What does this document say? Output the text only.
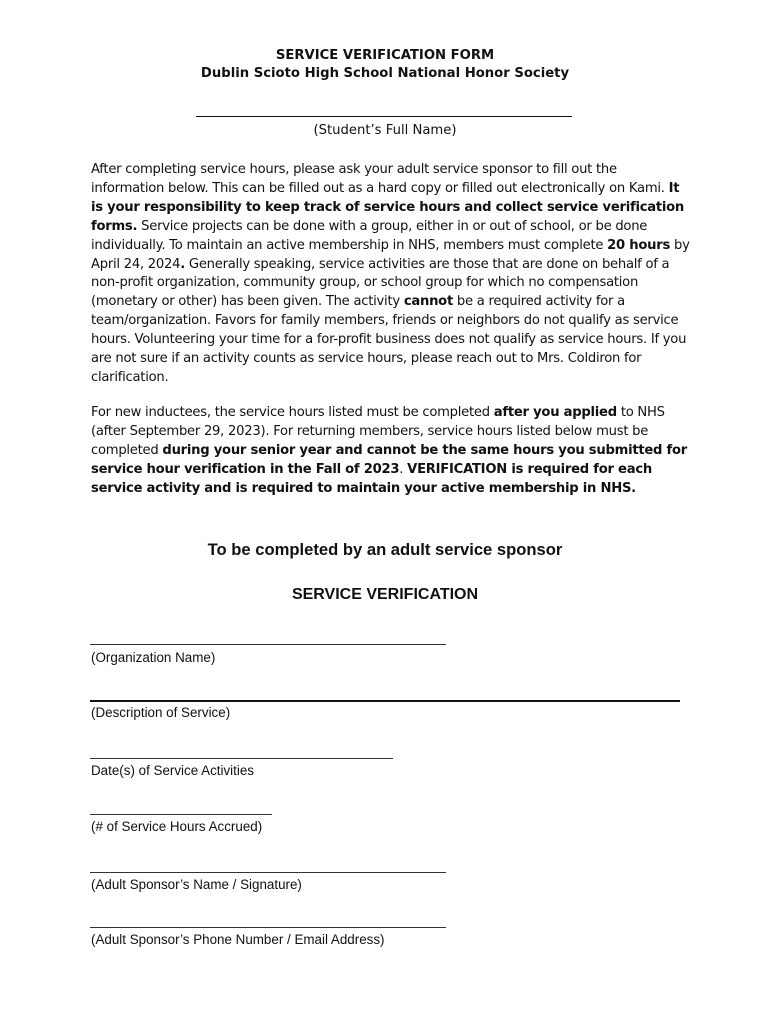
SERVICE VERIFICATION FORM
Dublin Scioto High School National Honor Society
(Student’s Full Name)
After completing service hours, please ask your adult service sponsor to fill out the information below. This can be filled out as a hard copy or filled out electronically on Kami. It is your responsibility to keep track of service hours and collect service verification forms. Service projects can be done with a group, either in or out of school, or be done individually. To maintain an active membership in NHS, members must complete 20 hours by April 24, 2024. Generally speaking, service activities are those that are done on behalf of a non-profit organization, community group, or school group for which no compensation (monetary or other) has been given. The activity cannot be a required activity for a team/organization. Favors for family members, friends or neighbors do not qualify as service hours. Volunteering your time for a for-profit business does not qualify as service hours. If you are not sure if an activity counts as service hours, please reach out to Mrs. Coldiron for clarification.
For new inductees, the service hours listed must be completed after you applied to NHS (after September 29, 2023). For returning members, service hours listed below must be completed during your senior year and cannot be the same hours you submitted for service hour verification in the Fall of 2023. VERIFICATION is required for each service activity and is required to maintain your active membership in NHS.
To be completed by an adult service sponsor
SERVICE VERIFICATION
(Organization Name)
(Description of Service)
Date(s) of Service Activities
(# of Service Hours Accrued)
(Adult Sponsor’s Name / Signature)
(Adult Sponsor’s Phone Number / Email Address)
